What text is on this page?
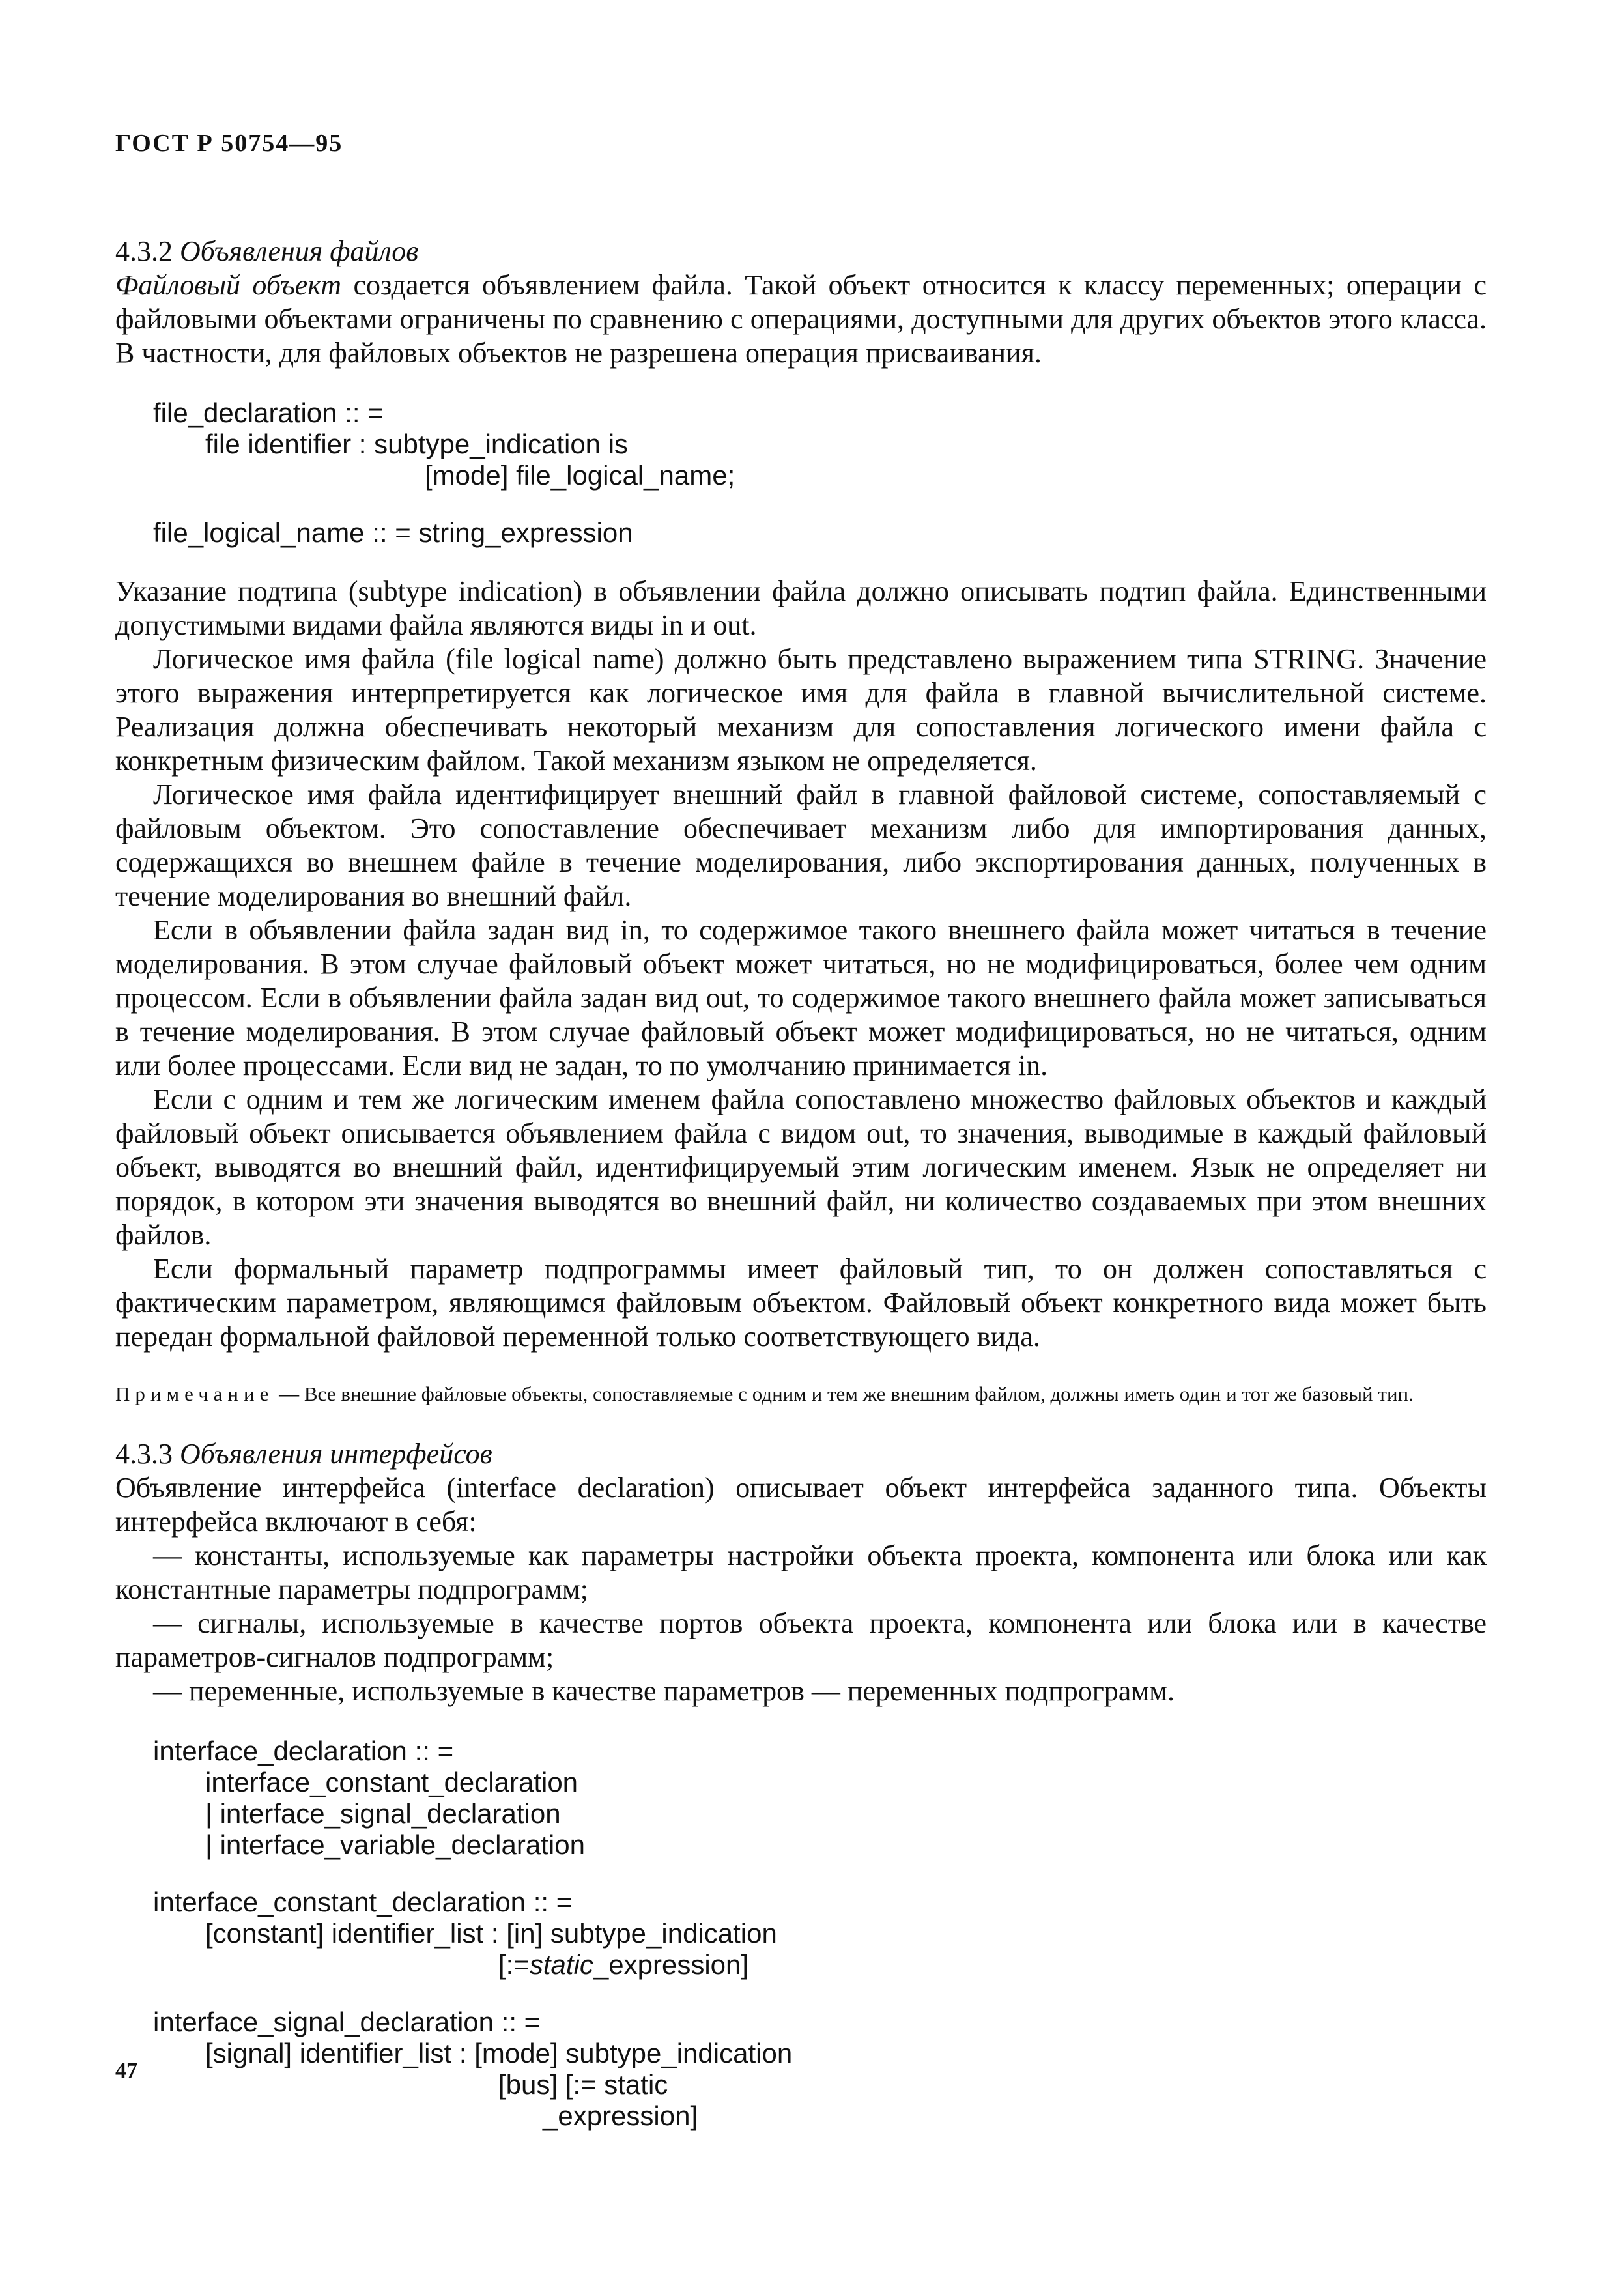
ГОСТ Р 50754—95
4.3.2 Объявления файлов

Файловый объект создается объявлением файла. Такой объект относится к классу переменных; операции с файловыми объектами ограничены по сравнению с операциями, доступными для других объектов этого класса. В частности, для файловых объектов не разрешена операция присваивания.

file_declaration :: =
file identifier : subtype_indication is
[mode] file_logical_name;
file_logical_name :: = string_expression

Указание подтипа (subtype indication) в объявлении файла должно описывать подтип файла. Единственными допустимыми видами файла являются виды in и out.

Логическое имя файла (file logical name) должно быть представлено выражением типа STRING. Значение этого выражения интерпретируется как логическое имя для файла в главной вычислительной системе. Реализация должна обеспечивать некоторый механизм для сопоставления логического имени файла с конкретным физическим файлом. Такой механизм языком не определяется.

Логическое имя файла идентифицирует внешний файл в главной файловой системе, сопоставляемый с файловым объектом. Это сопоставление обеспечивает механизм либо для импортирования данных, содержащихся во внешнем файле в течение моделирования, либо экспортирования данных, полученных в течение моделирования во внешний файл.

Если в объявлении файла задан вид in, то содержимое такого внешнего файла может читаться в течение моделирования. В этом случае файловый объект может читаться, но не модифицироваться, более чем одним процессом. Если в объявлении файла задан вид out, то содержимое такого внешнего файла может записываться в течение моделирования. В этом случае файловый объект может модифицироваться, но не читаться, одним или более процессами. Если вид не задан, то по умолчанию принимается in.

Если с одним и тем же логическим именем файла сопоставлено множество файловых объектов и каждый файловый объект описывается объявлением файла с видом out, то значения, выводимые в каждый файловый объект, выводятся во внешний файл, идентифицируемый этим логическим именем. Язык не определяет ни порядок, в котором эти значения выводятся во внешний файл, ни количество создаваемых при этом внешних файлов.

Если формальный параметр подпрограммы имеет файловый тип, то он должен сопоставляться с фактическим параметром, являющимся файловым объектом. Файловый объект конкретного вида может быть передан формальной файловой переменной только соответствующего вида.

Примечание — Все внешние файловые объекты, сопоставляемые с одним и тем же внешним файлом, должны иметь один и тот же базовый тип.
4.3.3 Объявления интерфейсов

Объявление интерфейса (interface declaration) описывает объект интерфейса заданного типа. Объекты интерфейса включают в себя:

— константы, используемые как параметры настройки объекта проекта, компонента или блока или как константные параметры подпрограмм;
— сигналы, используемые в качестве портов объекта проекта, компонента или блока или в качестве параметров-сигналов подпрограмм;
— переменные, используемые в качестве параметров — переменных подпрограмм.
interface_declaration :: =
interface_constant_declaration
| interface_signal_declaration
| interface_variable_declaration
interface_constant_declaration :: =
[constant] identifier_list : [in] subtype_indication
[:=static_expression]
interface_signal_declaration :: =
[signal] identifier_list : [mode] subtype_indication
[bus] [:= static
_expression]
47
